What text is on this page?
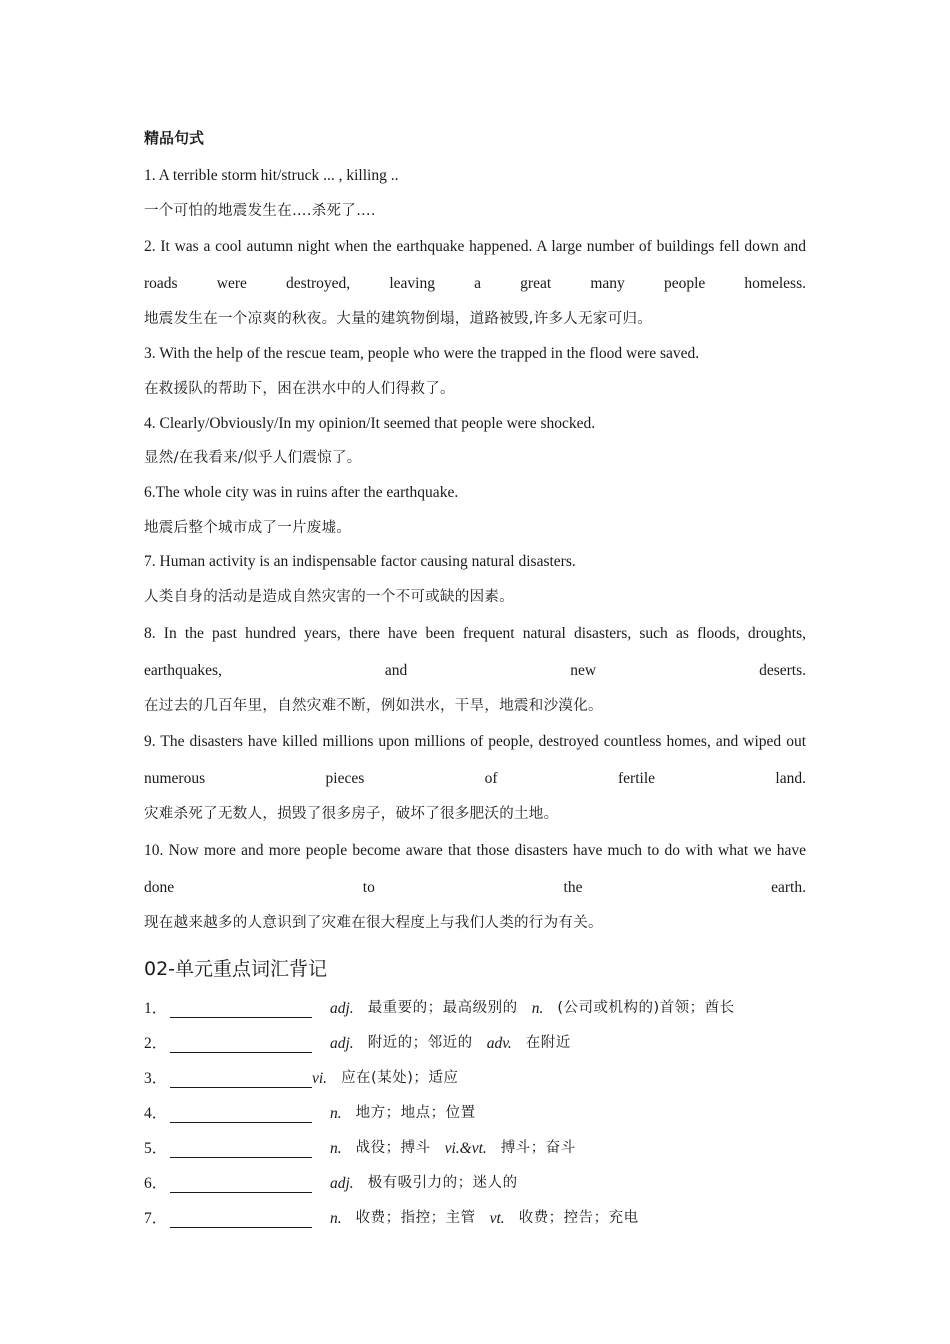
精品句式

1. A terrible storm hit/struck ... , killing ..

一个可怕的地震发生在….杀死了….

2. It was a cool autumn night when the earthquake happened. A large number of buildings fell down and roads were destroyed, leaving a great many people homeless.

地震发生在一个凉爽的秋夜。大量的建筑物倒塌，道路被毁,许多人无家可归。

3. With the help of the rescue team, people who were the trapped in the flood were saved.

在救援队的帮助下，困在洪水中的人们得救了。

4. Clearly/Obviously/In my opinion/It seemed that people were shocked.

显然/在我看来/似乎人们震惊了。

6.The whole city was in ruins after the earthquake.

地震后整个城市成了一片废墟。

7. Human activity is an indispensable factor causing natural disasters.

人类自身的活动是造成自然灾害的一个不可或缺的因素。

8. In the past hundred years, there have been frequent natural disasters, such as floods, droughts, earthquakes, and new deserts.

在过去的几百年里，自然灾难不断，例如洪水，干旱，地震和沙漠化。

9. The disasters have killed millions upon millions of people, destroyed countless homes, and wiped out numerous pieces of fertile land.

灾难杀死了无数人，损毁了很多房子，破坏了很多肥沃的土地。

10. Now more and more people become aware that those disasters have much to do with what we have done to the earth.

现在越来越多的人意识到了灾难在很大程度上与我们人类的行为有关。

02-单元重点词汇背记
1．	adj. 最重要的；最高级别的 n. (公司或机构的)首领；酋长
2．	adj. 附近的；邻近的 adv. 在附近
3．	vi. 应在(某处)；适应
4．	n. 地方；地点；位置
5．	n. 战役；搏斗 vi.&vt. 搏斗；奋斗
6．	adj. 极有吸引力的；迷人的
7．	n. 收费；指控；主管 vt. 收费；控告；充电
